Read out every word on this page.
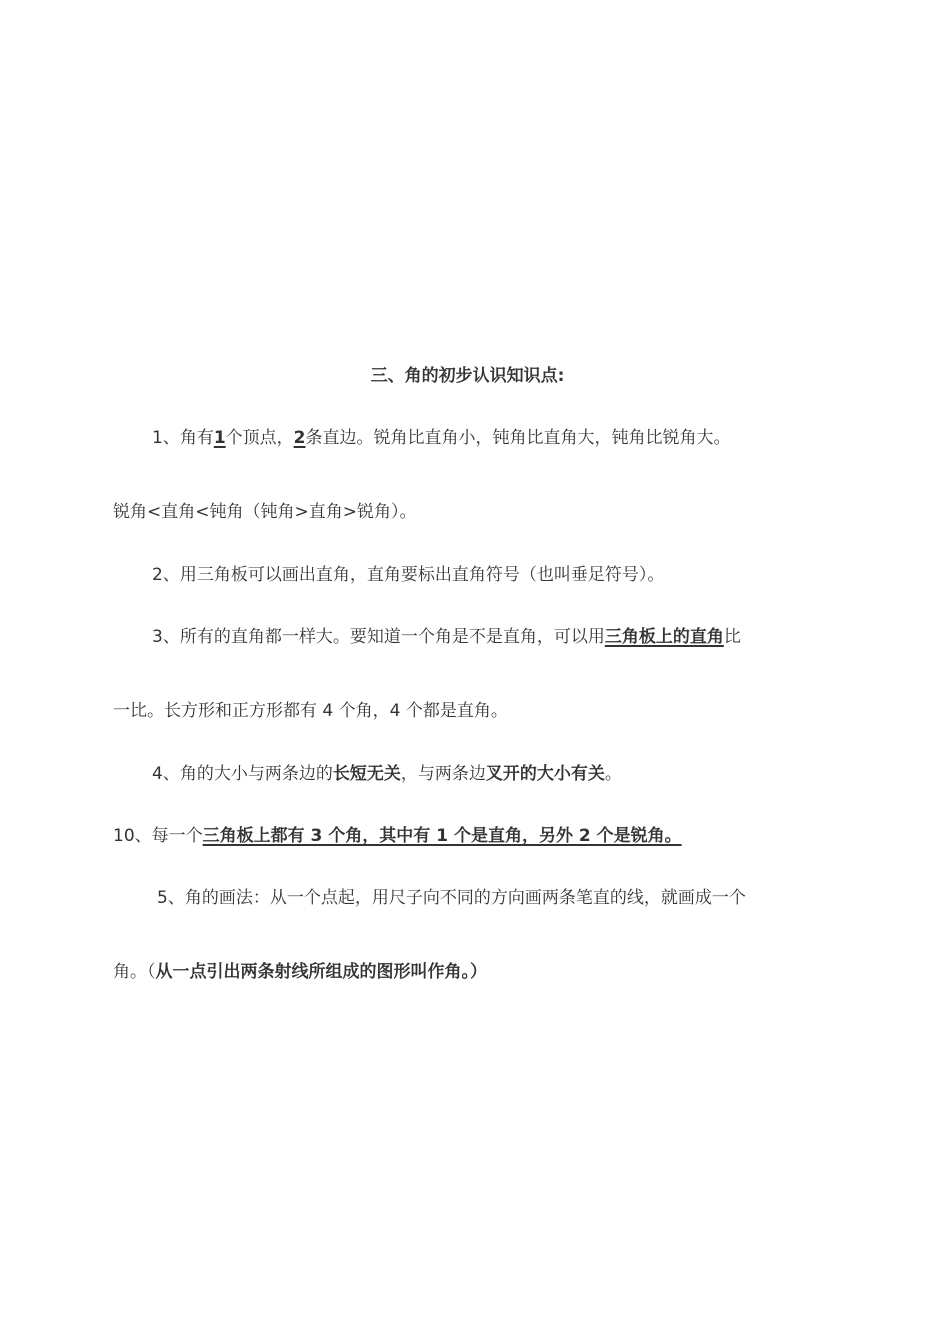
三、角的初步认识知识点:
1、角有1个顶点，2条直边。锐角比直角小，钝角比直角大，钝角比锐角大。
锐角<直角<钝角（钝角>直角>锐角）。
2、用三角板可以画出直角，直角要标出直角符号（也叫垂足符号）。
3、所有的直角都一样大。要知道一个角是不是直角，可以用三角板上的直角比
一比。长方形和正方形都有 4 个角，4 个都是直角。
4、角的大小与两条边的长短无关，与两条边叉开的大小有关。
10、每一个三角板上都有 3 个角，其中有 1 个是直角，另外 2 个是锐角。
5、角的画法：从一个点起，用尺子向不同的方向画两条笔直的线，就画成一个
角。（从一点引出两条射线所组成的图形叫作角。）
